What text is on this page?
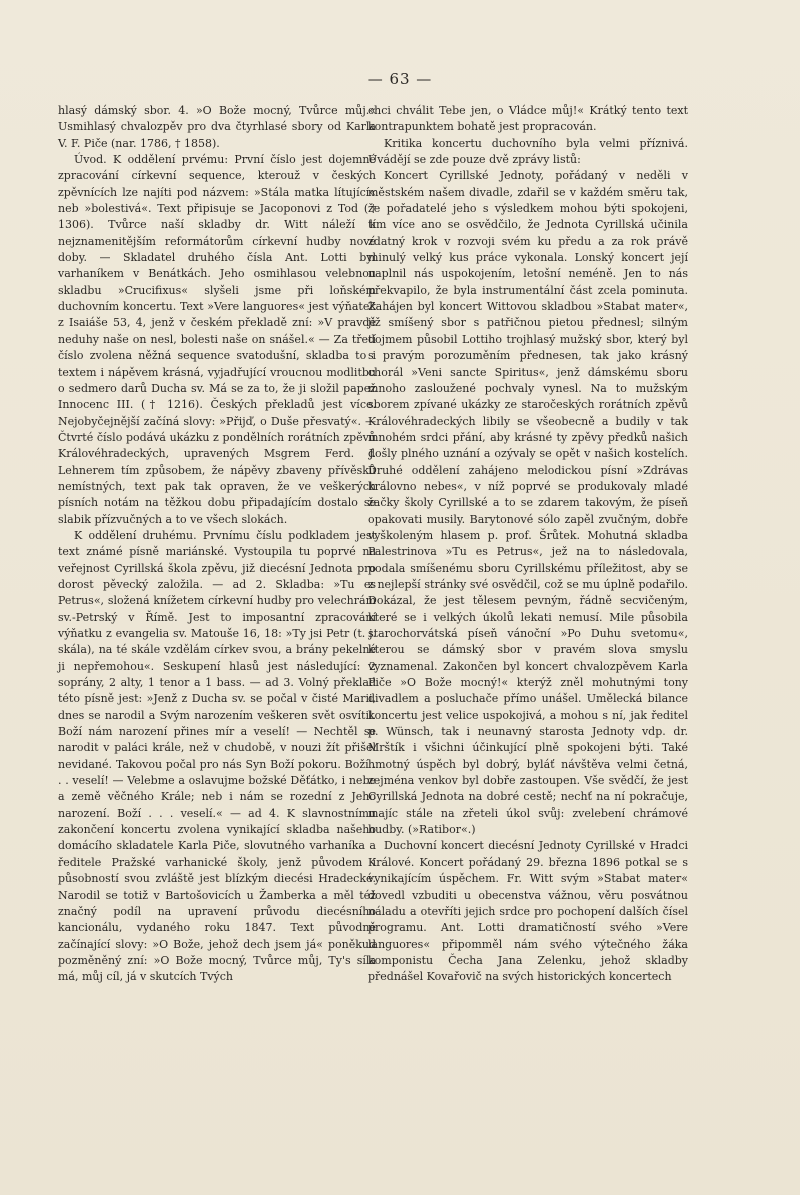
— 63 —

hlasý dámský sbor. 4. »O Bože mocný, Tvůrce můj.« Usmihlasý chvalozpěv pro dva čtyrhlasé sbory od Karla V. F. Piče (nar. 1786, † 1858).

Úvod. K oddělení prvému: První číslo jest dojemné zpracování církevní sequence, kterouž v českých zpěvnících lze najíti pod názvem: »Stála matka lítující« neb »bolestivá«. Text připisuje se Jacoponovi z Tod († 1306). Tvůrce naší skladby dr. Witt náleží k nejznamenitějším reformátorům církevní hudby nové doby. — Skladatel druhého čísla Ant. Lotti byl varhaníkem v Benátkách. Jeho osmihlasou velebnou skladbu »Crucifixus« slyšeli jsme při loňském duchovním koncertu. Text »Vere languores« jest výňatek z Isaiáše 53, 4, jenž v českém překladě zní: »V pravdě neduhy naše on nesl, bolesti naše on snášel.« — Za třetí číslo zvolena něžná sequence svatodušní, skladba to i textem i nápěvem krásná, vyjadřující vroucnou modlitbu o sedmero darů Ducha sv. Má se za to, že ji složil papež Innocenc III. († 1216). Českých překladů jest více. Nejobyčejnější začíná slovy: »Přijď, o Duše přesvatý«. — Čtvrté číslo podává ukázku z pondělních rorátních zpěvů Královéhradeckých, upravených Msgrem Ferd. J. Lehnerem tím způsobem, že nápěvy zbaveny přívěsků nemístných, text pak tak opraven, že ve veškerých písních notám na těžkou dobu připadajícím dostalo se slabik přízvučných a to ve všech slokách.

K oddělení druhému. Prvnímu číslu podkladem jest text známé písně mariánské. Vystoupila tu poprvé na veřejnost Cyrillská škola zpěvu, již diecésní Jednota pro dorost pěvecký založila. — ad 2. Skladba: »Tu es Petrus«, složená knížetem církevní hudby pro velechrám sv.-Petrský v Římě. Jest to imposantní zpracování výňatku z evangelia sv. Matouše 16, 18: »Ty jsi Petr (t. j. skála), na té skále vzdělám církev svou, a brány pekelné ji nepřemohou«. Seskupení hlasů jest následující: 2 soprány, 2 alty, 1 tenor a 1 bass. — ad 3. Volný překlad této písně jest: »Jenž z Ducha sv. se počal v čisté Marii, dnes se narodil a Svým narozením veškeren svět osvítil. Boží nám narození přines mír a veselí! — Nechtěl se narodit v paláci krále, než v chudobě, v nouzi žít přišel nevidané. Takovou počal pro nás Syn Boží pokoru. Boží . . . veselí! — Velebme a oslavujme božské Děťátko, i nebe a země věčného Krále; neb i nám se rozední z Jeho narození. Boží . . . veselí.« — ad 4. K slavnostnímu zakončení koncertu zvolena vynikající skladba našeho domácího skladatele Karla Piče, slovutného varhaníka a ředitele Pražské varhanické školy, jenž původem i působností svou zvláště jest blízkým diecési Hradecké. Narodil se totiž v Bartošovicích u Žamberka a měl též značný podíl na upravení průvodu diecésního kancionálu, vydaného roku 1847. Text původně začínající slovy: »O Bože, jehož dech jsem já« poněkud pozměněný zní: »O Bože mocný, Tvůrce můj, Ty's síla má, můj cíl, já v skutcích Tvých

chci chválit Tebe jen, o Vládce můj!« Krátký tento text kontrapunktem bohatě jest propracován.

Kritika koncertu duchovního byla velmi příznivá. Uvádějí se zde pouze dvě zprávy listů:

Koncert Cyrillské Jednoty, pořádaný v neděli v městském našem divadle, zdařil se v každém směru tak, že pořadatelé jeho s výsledkem mohou býti spokojeni, tím více ano se osvědčilo, že Jednota Cyrillská učinila zdatný krok v rozvoji svém ku předu a za rok právě minulý velký kus práce vykonala. Lonský koncert její naplnil nás uspokojením, letošní neméně. Jen to nás překvapilo, že byla instrumentální část zcela pominuta. Zahájen byl koncert Wittovou skladbou »Stabat mater«, již smíšený sbor s patřičnou pietou přednesl; silným dojmem působil Lottiho trojhlasý mužský sbor, který byl s pravým porozuměním přednesen, tak jako krásný chorál »Veni sancte Spiritus«, jenž dámskému sboru mnoho zasloužené pochvaly vynesl. Na to mužským sborem zpívané ukázky ze staročeských rorátních zpěvů Královéhradeckých libily se všeobecně a budily v tak mnohém srdci přání, aby krásné ty zpěvy předků našich došly plného uznání a ozývaly se opět v našich kostelích. Druhé oddělení zahájeno melodickou písní »Zdrávas královno nebes«, v níž poprvé se produkovaly mladé žačky školy Cyrillské a to se zdarem takovým, že píseň opakovati musily. Barytonové sólo zapěl zvučným, dobře vyškoleným hlasem p. prof. Šrůtek. Mohutná skladba Palestrinova »Tu es Petrus«, jež na to následovala, podala smíšenému sboru Cyrillskému příležitost, aby se z nejlepší stránky své osvědčil, což se mu úplně podařilo. Dokázal, že jest tělesem pevným, řádně secvičeným, které se i velkých úkolů lekati nemusí. Mile působila starochorvátská píseň vánoční »Po Duhu svetomu«, kterou se dámský sbor v pravém slova smyslu vyznamenal. Zakončen byl koncert chvalozpěvem Karla Piče »O Bože mocný!« kterýž zněl mohutnými tony divadlem a posluchače přímo unášel. Umělecká bilance koncertu jest velice uspokojivá, a mohou s ní, jak ředitel p. Wünsch, tak i neunavný starosta Jednoty vdp. dr. Mrštík i všichni účinkující plně spokojeni býti. Také hmotný úspěch byl dobrý, byláť návštěva velmi četná, zejména venkov byl dobře zastoupen. Vše svědčí, že jest Cyrillská Jednota na dobré cestě; nechť na ní pokračuje, majíc stále na zřeteli úkol svůj: zvelebení chrámové hudby. (»Ratibor«.)

Duchovní koncert diecésní Jednoty Cyrillské v Hradci Králové. Koncert pořádaný 29. března 1896 potkal se s vynikajícím úspěchem. Fr. Witt svým »Stabat mater« dovedl vzbuditi u obecenstva vážnou, věru posvátnou náladu a otevříti jejich srdce pro pochopení dalších čísel programu. Ant. Lotti dramatičností svého »Vere languores« připomměl nám svého výtečného žáka komponistu Čecha Jana Zelenku, jehož skladby přednášel Kovařovič na svých historických koncertech
